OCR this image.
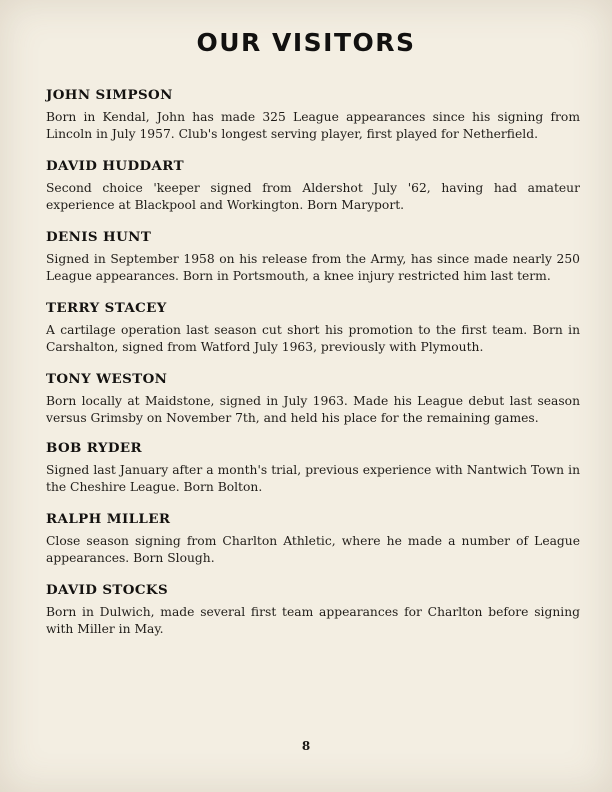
OUR VISITORS
JOHN SIMPSON

Born in Kendal, John has made 325 League appearances since his signing from Lincoln in July 1957. Club's longest serving player, first played for Netherfield.

DAVID HUDDART

Second choice 'keeper signed from Aldershot July '62, having had amateur experience at Blackpool and Workington. Born Maryport.

DENIS HUNT

Signed in September 1958 on his release from the Army, has since made nearly 250 League appearances. Born in Portsmouth, a knee injury restricted him last term.

TERRY STACEY

A cartilage operation last season cut short his promotion to the first team. Born in Carshalton, signed from Watford July 1963, previously with Plymouth.

TONY WESTON

Born locally at Maidstone, signed in July 1963. Made his League debut last season versus Grimsby on November 7th, and held his place for the remaining games.

BOB RYDER

Signed last January after a month's trial, previous experience with Nantwich Town in the Cheshire League. Born Bolton.

RALPH MILLER

Close season signing from Charlton Athletic, where he made a number of League appearances. Born Slough.

DAVID STOCKS

Born in Dulwich, made several first team appearances for Charlton before signing with Miller in May.

8
